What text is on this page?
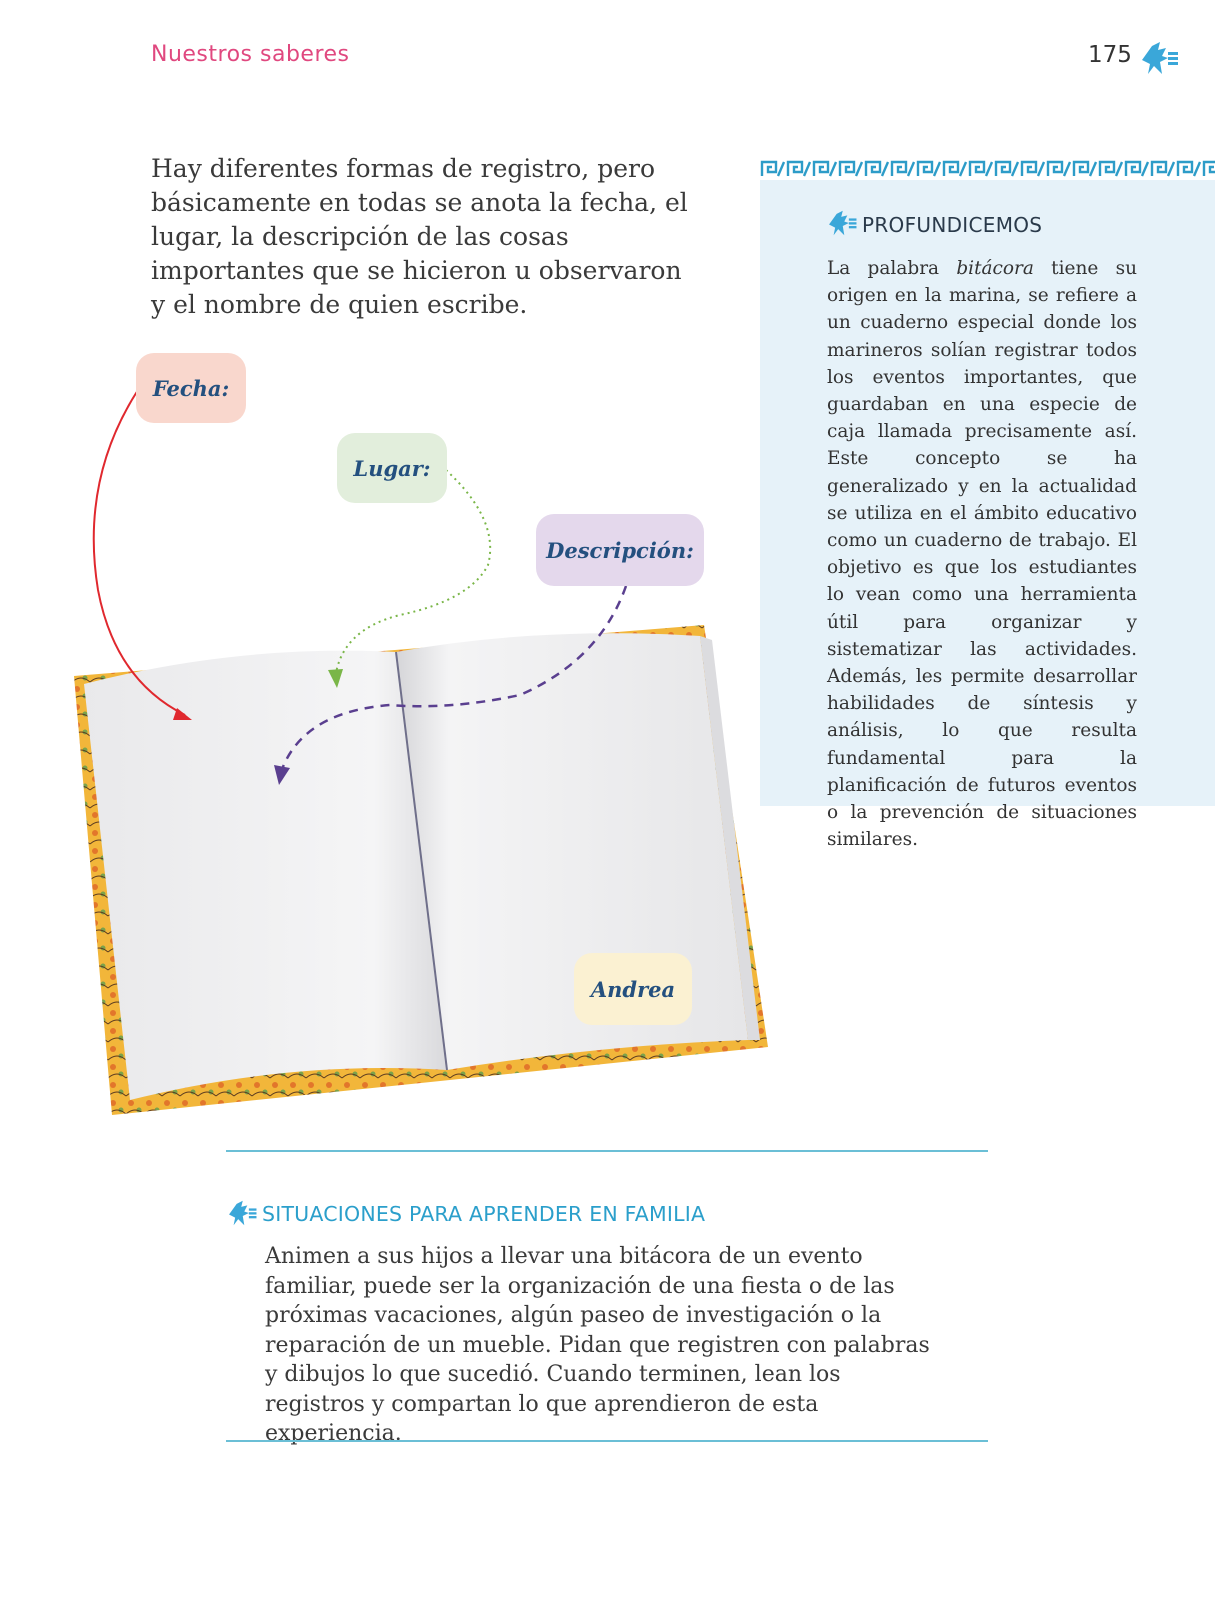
Nuestros saberes	175

Hay diferentes formas de registro, pero básicamente en todas se anota la fecha, el lugar, la descripción de las cosas importantes que se hicieron u observaron y el nombre de quien escribe.

PROFUNDICEMOS

La palabra bitácora tiene su origen en la marina, se refiere a un cuaderno especial donde los marineros solían registrar todos los eventos importantes, que guardaban en una especie de caja llamada precisamente así. Este concepto se ha generalizado y en la actualidad se utiliza en el ámbito educativo como un cuaderno de trabajo. El objetivo es que los estudiantes lo vean como una herramienta útil para organizar y sistematizar las actividades. Además, les permite desarrollar habilidades de síntesis y análisis, lo que resulta fundamental para la planificación de futuros eventos o la prevención de situaciones similares.

Fecha:
Lugar:
Descripción:
Andrea
SITUACIONES PARA APRENDER EN FAMILIA

Animen a sus hijos a llevar una bitácora de un evento familiar, puede ser la organización de una fiesta o de las próximas vacaciones, algún paseo de investigación o la reparación de un mueble. Pidan que registren con palabras y dibujos lo que sucedió. Cuando terminen, lean los registros y compartan lo que aprendieron de esta experiencia.
